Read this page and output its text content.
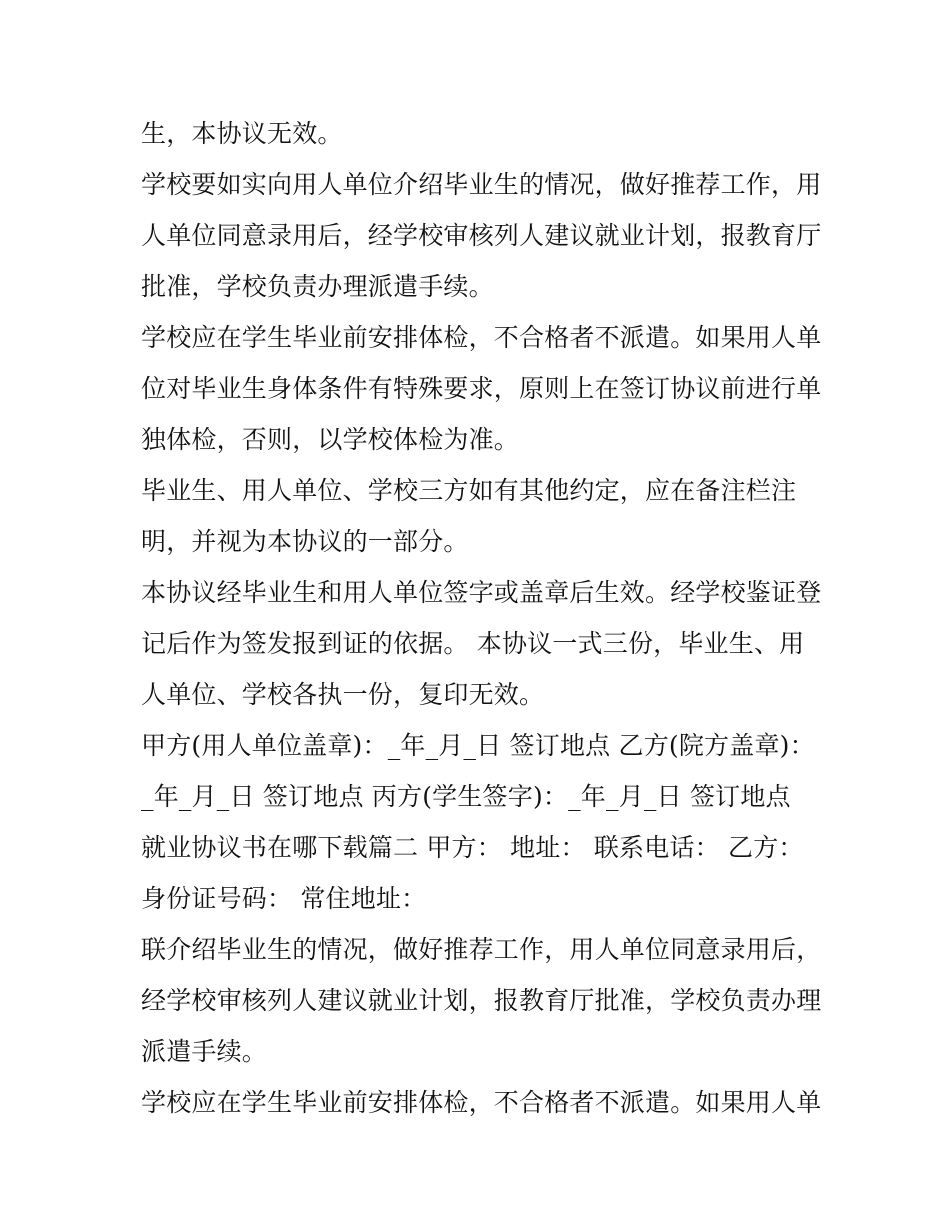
生，本协议无效。
学校要如实向用人单位介绍毕业生的情况，做好推荐工作，用
人单位同意录用后，经学校审核列人建议就业计划，报教育厅
批准，学校负责办理派遣手续。
学校应在学生毕业前安排体检，不合格者不派遣。如果用人单
位对毕业生身体条件有特殊要求，原则上在签订协议前进行单
独体检，否则，以学校体检为准。
毕业生、用人单位、学校三方如有其他约定，应在备注栏注
明，并视为本协议的一部分。
本协议经毕业生和用人单位签字或盖章后生效。经学校鉴证登
记后作为签发报到证的依据。 本协议一式三份，毕业生、用
人单位、学校各执一份，复印无效。
甲方(用人单位盖章)：_年_月_日 签订地点 乙方(院方盖章)：
_年_月_日 签订地点 丙方(学生签字)：_年_月_日 签订地点
就业协议书在哪下载篇二 甲方： 地址： 联系电话： 乙方：
身份证号码： 常住地址：
联介绍毕业生的情况，做好推荐工作，用人单位同意录用后，
经学校审核列人建议就业计划，报教育厅批准，学校负责办理
派遣手续。
学校应在学生毕业前安排体检，不合格者不派遣。如果用人单
